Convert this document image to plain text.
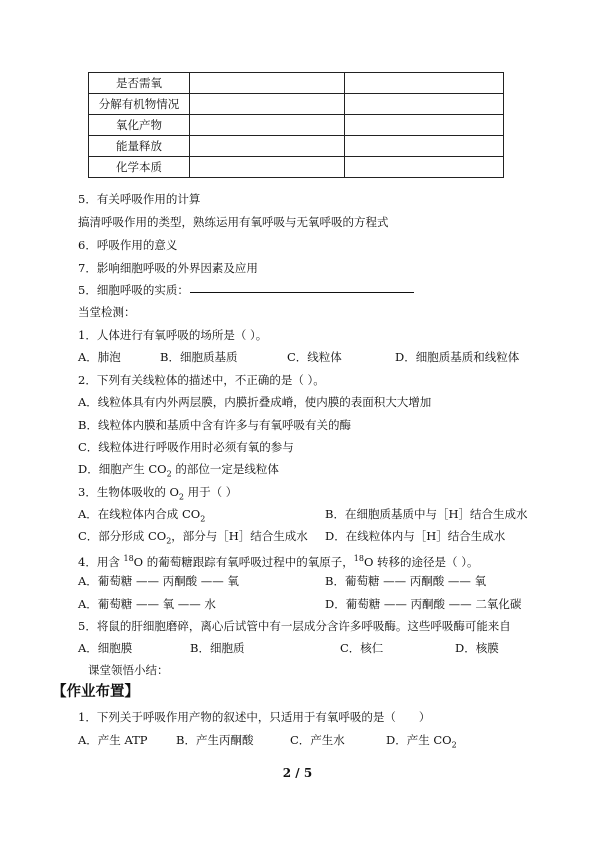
是否需氧		
分解有机物情况		
氧化产物		
能量释放		
化学本质		
5．有关呼吸作用的计算
搞清呼吸作用的类型，熟练运用有氧呼吸与无氧呼吸的方程式
6．呼吸作用的意义
7．影响细胞呼吸的外界因素及应用
5．细胞呼吸的实质：
当堂检测：
1．人体进行有氧呼吸的场所是（ ）。
A．肺泡	B．细胞质基质	C．线粒体	D．细胞质基质和线粒体
2．下列有关线粒体的描述中，不正确的是（ ）。
A．线粒体具有内外两层膜，内膜折叠成嵴，使内膜的表面积大大增加
B．线粒体内膜和基质中含有许多与有氧呼吸有关的酶
C．线粒体进行呼吸作用时必须有氧的参与
D．细胞产生 $CO_2$ 的部位一定是线粒体
3．生物体吸收的 $O_2$ 用于（ ）
A．在线粒体内合成 $CO_2$	B．在细胞质基质中与［H］结合生成水
C．部分形成 $CO_2$，部分与［H］结合生成水 D．在线粒体内与［H］结合生成水
4．用含 $^{18}$O 的葡萄糖跟踪有氧呼吸过程中的氧原子，$^{18}$O 转移的途径是（ ）。
A．葡萄糖 —— 丙酮酸 —— 氧	B．葡萄糖 —— 丙酮酸 —— 氧
A．葡萄糖 —— 氧 —— 水	D．葡萄糖 —— 丙酮酸 —— 二氧化碳
5．将鼠的肝细胞磨碎，离心后试管中有一层成分含许多呼吸酶。这些呼吸酶可能来自
A．细胞膜	B．细胞质	C．核仁	D．核膜
课堂领悟小结：
【作业布置】
1．下列关于呼吸作用产物的叙述中，只适用于有氧呼吸的是（　　）
A．产生 ATP B．产生丙酮酸	C．产生水	D．产生 $CO_2$
2 / 5
